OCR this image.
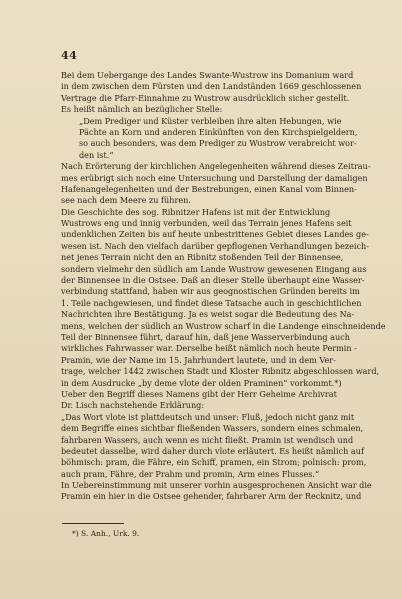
44
Bei dem Uebergange des Landes Swante-Wustrow ins Domanium ward
in dem zwischen dem Fürsten und den Landständen 1669 geschlossenen
Vertrage die Pfarr-Einnahme zu Wustrow ausdrücklich sicher gestellt.
Es heißt nämlich an bezüglicher Stelle:
„Dem Prediger und Küster verbleiben ihre alten Hebungen, wie
Pächte an Korn und anderen Einkünften von den Kirchspielgeldern,
so auch besonders, was dem Prediger zu Wustrow verabreicht wor-
den ist.“
Nach Erörterung der kirchlichen Angelegenheiten während dieses Zeitrau-
mes erübrigt sich noch eine Untersuchung und Darstellung der damaligen
Hafenangelegenheiten und der Bestrebungen, einen Kanal vom Binnen-
see nach dem Meere zu führen.
Die Geschichte des sog. Ribnitzer Hafens ist mit der Entwicklung
Wustrows eng und innig verbunden, weil das Terrain jenes Hafens seit
undenklichen Zeiten bis auf heute unbestrittenes Gebiet dieses Landes ge-
wesen ist. Nach den vielfach darüber gepflogenen Verhandlungen bezeich-
net jenes Terrain nicht den an Ribnitz stoßenden Teil der Binnensee,
sondern vielmehr den südlich am Lande Wustrow gewesenen Eingang aus
der Binnensee in die Ostsee. Daß an dieser Stelle überhaupt eine Wasser-
verbindung stattfand, haben wir aus geognostischen Gründen bereits im
1. Teile nachgewiesen, und findet diese Tatsache auch in geschichtlichen
Nachrichten ihre Bestätigung. Ja es weist sogar die Bedeutung des Na-
mens, welchen der südlich an Wustrow scharf in die Landenge einschneidende
Teil der Binnensee führt, darauf hin, daß jene Wasserverbindung auch
wirkliches Fahrwasser war. Derselbe heißt nämlich noch heute Permin -
Pramin, wie der Name im 15. Jahrhundert lautete, und in dem Ver-
trage, welcher 1442 zwischen Stadt und Kloster Ribnitz abgeschlossen ward,
in dem Ausdrucke „by deme vlote der olden Praminen“ vorkommt.*)
Ueber den Begriff dieses Namens gibt der Herr Geheime Archivrat
Dr. Lisch nachstehende Erklärung:
„Das Wort vlote ist plattdeutsch und unser: Fluß, jedoch nicht ganz mit
dem Begriffe eines sichtbar fließenden Wassers, sondern eines schmalen,
fahrbaren Wassers, auch wenn es nicht fließt. Pramin ist wendisch und
bedeutet dasselbe, wird daher durch vlote erläutert. Es heißt nämlich auf
böhmisch: pram, die Fähre, ein Schiff, pramen, ein Strom; polnisch: prom,
auch pram, Fähre, der Prahm und promin, Arm eines Flusses.“
In Uebereinstimmung mit unserer vorhin ausgesprochenen Ansicht war die
Pramin ein hier in die Ostsee gehender, fahrbarer Arm der Recknitz, und
*) S. Anh., Urk. 9.
